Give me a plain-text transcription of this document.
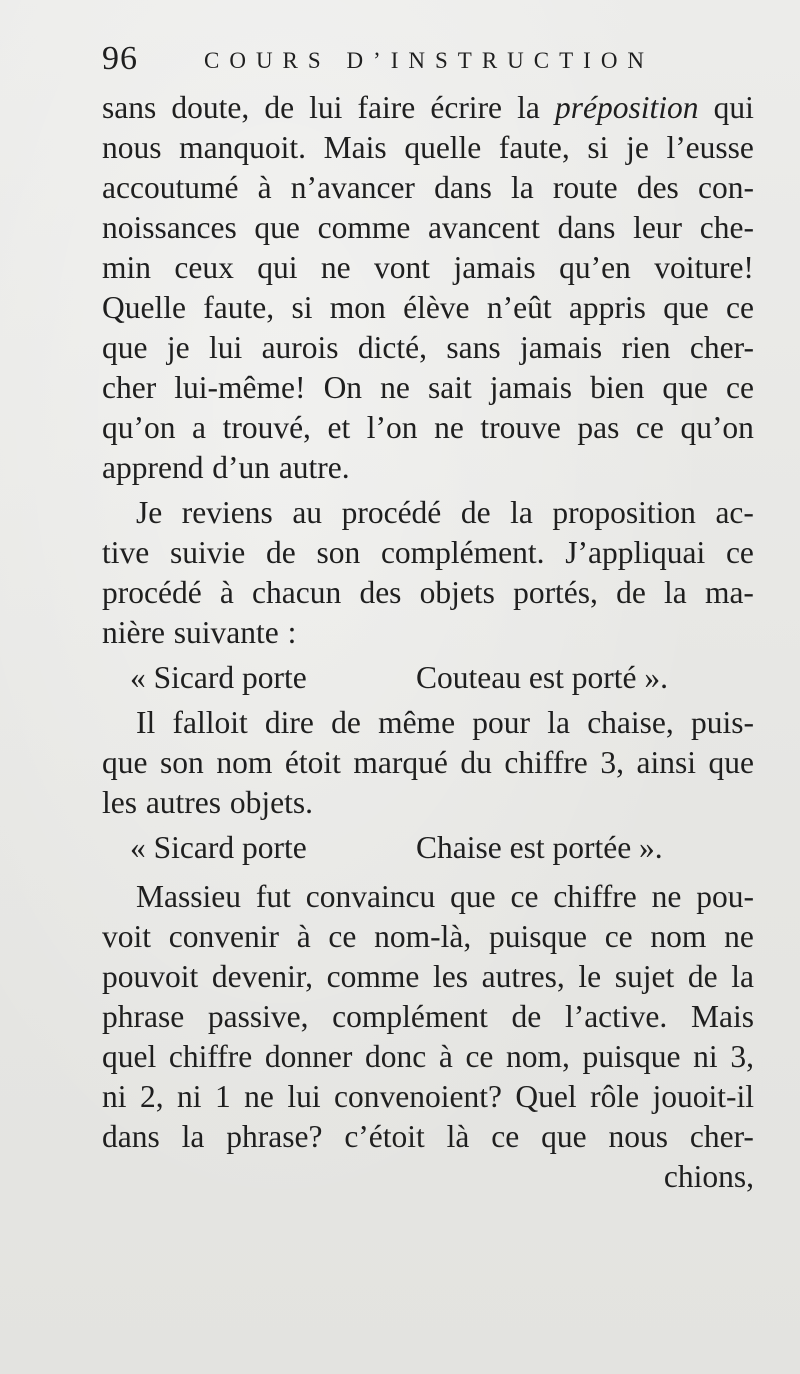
96	COURS D’INSTRUCTION
sans doute, de lui faire écrire la préposition qui
nous manquoit. Mais quelle faute, si je l’eusse
accoutumé à n’avancer dans la route des con-
noissances que comme avancent dans leur che-
min ceux qui ne vont jamais qu’en voiture!
Quelle faute, si mon élève n’eût appris que ce
que je lui aurois dicté, sans jamais rien cher-
cher lui-même! On ne sait jamais bien que ce
qu’on a trouvé, et l’on ne trouve pas ce qu’on
apprend d’un autre.
Je reviens au procédé de la proposition ac-
tive suivie de son complément. J’appliquai ce
procédé à chacun des objets portés, de la ma-
nière suivante :
« Sicard porte	Couteau est porté ».
Il falloit dire de même pour la chaise, puis-
que son nom étoit marqué du chiffre 3, ainsi que
les autres objets.
« Sicard porte	Chaise est portée ».
Massieu fut convaincu que ce chiffre ne pou-
voit convenir à ce nom-là, puisque ce nom ne
pouvoit devenir, comme les autres, le sujet de la
phrase passive, complément de l’active. Mais
quel chiffre donner donc à ce nom, puisque ni 3,
ni 2, ni 1 ne lui convenoient? Quel rôle jouoit-il
dans la phrase? c’étoit là ce que nous cher-
chions,
